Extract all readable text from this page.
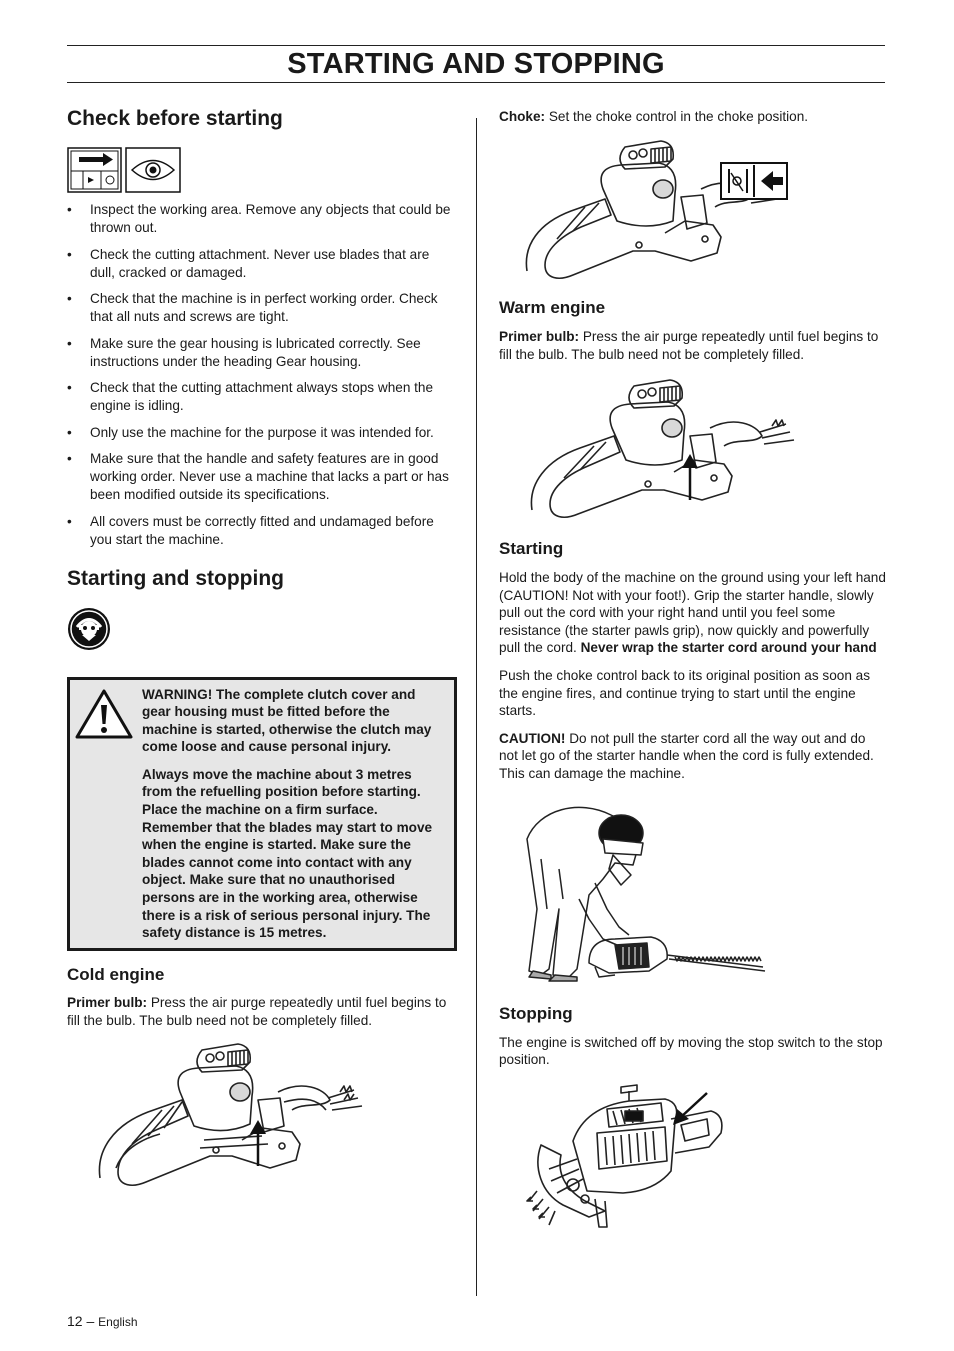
STARTING AND STOPPING
Check before starting
• Inspect the working area. Remove any objects that could be thrown out.
• Check the cutting attachment. Never use blades that are dull, cracked or damaged.
• Check that the machine is in perfect working order. Check that all nuts and screws are tight.
• Make sure the gear housing is lubricated correctly. See instructions under the heading Gear housing.
• Check that the cutting attachment always stops when the engine is idling.
• Only use the machine for the purpose it was intended for.
• Make sure that the handle and safety features are in good working order. Never use a machine that lacks a part or has been modified outside its specifications.
• All covers must be correctly fitted and undamaged before you start the machine.
Starting and stopping

WARNING! The complete clutch cover and gear housing must be fitted before the machine is started, otherwise the clutch may come loose and cause personal injury.

Always move the machine about 3 metres from the refuelling position before starting. Place the machine on a firm surface. Remember that the blades may start to move when the engine is started. Make sure the blades cannot come into contact with any object. Make sure that no unauthorised persons are in the working area, otherwise there is a risk of serious personal injury. The safety distance is 15 metres.

Cold engine

Primer bulb: Press the air purge repeatedly until fuel begins to fill the bulb. The bulb need not be completely filled.

Choke: Set the choke control in the choke position.

Warm engine

Primer bulb: Press the air purge repeatedly until fuel begins to fill the bulb. The bulb need not be completely filled.

Starting

Hold the body of the machine on the ground using your left hand (CAUTION! Not with your foot!). Grip the starter handle, slowly pull out the cord with your right hand until you feel some resistance (the starter pawls grip), now quickly and powerfully pull the cord. Never wrap the starter cord around your hand

Push the choke control back to its original position as soon as the engine fires, and continue trying to start until the engine starts.

CAUTION! Do not pull the starter cord all the way out and do not let go of the starter handle when the cord is fully extended. This can damage the machine.

Stopping

The engine is switched off by moving the stop switch to the stop position.

12 – English
